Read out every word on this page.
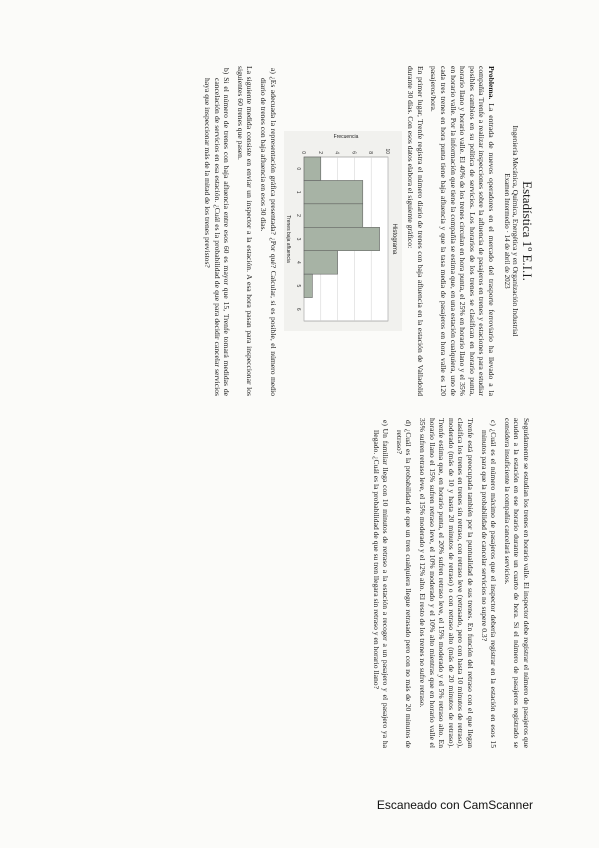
Estadística 1º E.I.I.
Ingeniería Mecánica, Química, Energética y en Organización Industrial
Examen Intermedio · 14 de abril de 2023

Problema. La entrada de nuevos operadores en el mercado del trasporte ferroviario ha llevado a la compañía Trenfe a realizar inspecciones sobre la afluencia de pasajeros en trenes y estaciones para estudiar posibles cambios en su política de servicios. Los horarios de los trenes se clasifican en horario punta, horario llano y horario valle. El 40% de los trenes circulan en hora punta, el 25% en horario llano y el 35% en horario valle. Por la información que tiene la compañía se estima que, en una estación cualquiera, uno de cada tres trenes en hora punta tiene baja afluencia y que la tasa media de pasajeros en hora valle es 120 pasajeros/hora.

En primer lugar, Trenfe registra el número diario de trenes con baja afluencia en la estación de Valladolid durante 30 días. Con esos datos elabora el siguiente gráfico:

0 2 4 6 8 10
0
1
2
3
4
5
6
Histograma
Trenes baja afluencia
Frecuencia
a) ¿Es adecuada la representación gráfica presentada? ¿Por qué? Calcular, si es posible, el número medio diario de trenes con baja afluencia en esos 30 días.

La siguiente medida consiste en enviar un inspector a la estación. A esa hora pasan para inspeccionar los siguientes 60 trenes que pasen.

b) Si el número de trenes con baja afluencia entre esos 60 es mayor que 15, Trenfe tomará medidas de cancelación de servicios en esa estación. ¿Cuál es la probabilidad de que para decidir cancelar servicios haya que inspeccionar más de la mitad de los trenes previstos?

Seguidamente se estudian los trenes en horario valle. El inspector debe registrar el número de pasajeros que acuden a la estación en ese horario durante un cuarto de hora. Si el número de pasajeros registrado se considera insuficiente la compañía cancelará servicios.

c) ¿Cuál es el número máximo de pasajeros que el inspector debería registrar en la estación en esos 15 minutos para que la probabilidad de cancelar servicios no supere 0.3?

Trenfe está preocupada también por la puntualidad de sus trenes. En función del retraso con el que llegan clasifica los trenes en trenes sin retraso, con retraso leve (retrasado, pero con hasta 10 minutos de retraso), moderado (más de 10 y hasta 20 minutos de retraso) o con retraso alto (más de 20 minutos de retraso). Trenfe estima que, en horario punta, el 20% sufren retraso leve, el 15% moderado y el 5% retraso alto. En horario llano el 15% sufren retraso leve, el 10% moderado y el 10% alto mientras que en horario valle el 35% sufren retraso leve, el 15% moderado y el 12% alto. El resto de los trenes no sufre retraso.

d) ¿Cuál es la probabilidad de que un tren cualquiera llegue retrasado pero con no más de 20 minutos de retraso?
e) Un familiar llega con 10 minutos de retraso a la estación a recoger a un pasajero y el pasajero ya ha llegado. ¿Cuál es la probabilidad de que su tren llegara sin retraso y en horario llano?
Escaneado con CamScanner
